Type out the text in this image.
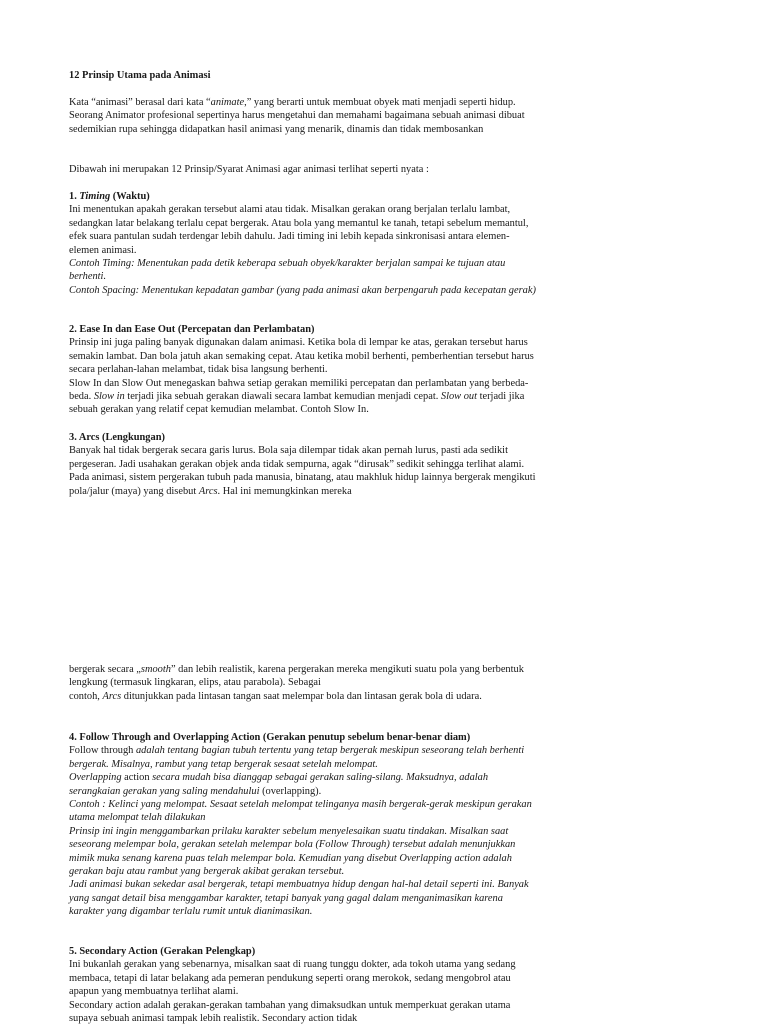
12 Prinsip Utama pada Animasi

Kata “animasi” berasal dari kata “animate,” yang berarti untuk membuat obyek mati menjadi seperti hidup. Seorang Animator profesional sepertinya harus mengetahui dan memahami bagaimana sebuah animasi dibuat sedemikian rupa sehingga didapatkan hasil animasi yang menarik, dinamis dan tidak membosankan

Dibawah ini merupakan 12 Prinsip/Syarat Animasi agar animasi terlihat seperti nyata :

1. Timing (Waktu)

Ini menentukan apakah gerakan tersebut alami atau tidak. Misalkan gerakan orang berjalan terlalu lambat, sedangkan latar belakang terlalu cepat bergerak. Atau bola yang memantul ke tanah, tetapi sebelum memantul, efek suara pantulan sudah terdengar lebih dahulu. Jadi timing ini lebih kepada sinkronisasi antara elemen-elemen animasi.

Contoh Timing: Menentukan pada detik keberapa sebuah obyek/karakter berjalan sampai ke tujuan atau berhenti.

Contoh Spacing: Menentukan kepadatan gambar (yang pada animasi akan berpengaruh pada kecepatan gerak)

2. Ease In dan Ease Out (Percepatan dan Perlambatan)

Prinsip ini juga paling banyak digunakan dalam animasi. Ketika bola di lempar ke atas, gerakan tersebut harus semakin lambat. Dan bola jatuh akan semaking cepat. Atau ketika mobil berhenti, pemberhentian tersebut harus secara perlahan-lahan melambat, tidak bisa langsung berhenti.

Slow In dan Slow Out menegaskan bahwa setiap gerakan memiliki percepatan dan perlambatan yang berbeda-beda. Slow in terjadi jika sebuah gerakan diawali secara lambat kemudian menjadi cepat. Slow out terjadi jika sebuah gerakan yang relatif cepat kemudian melambat. Contoh Slow In.

3. Arcs (Lengkungan)

Banyak hal tidak bergerak secara garis lurus. Bola saja dilempar tidak akan pernah lurus, pasti ada sedikit pergeseran. Jadi usahakan gerakan objek anda tidak sempurna, agak “dirusak” sedikit sehingga terlihat alami.

Pada animasi, sistem pergerakan tubuh pada manusia, binatang, atau makhluk hidup lainnya bergerak mengikuti pola/jalur (maya) yang disebut Arcs. Hal ini memungkinkan mereka

bergerak secara „smooth” dan lebih realistik, karena pergerakan mereka mengikuti suatu pola yang berbentuk lengkung (termasuk lingkaran, elips, atau parabola). Sebagai

contoh, Arcs ditunjukkan pada lintasan tangan saat melempar bola dan lintasan gerak bola di udara.

4. Follow Through and Overlapping Action (Gerakan penutup sebelum benar-benar diam)

Follow through adalah tentang bagian tubuh tertentu yang tetap bergerak meskipun seseorang telah berhenti bergerak. Misalnya, rambut yang tetap bergerak sesaat setelah melompat.

Overlapping action secara mudah bisa dianggap sebagai gerakan saling-silang. Maksudnya, adalah serangkaian gerakan yang saling mendahului (overlapping).

Contoh : Kelinci yang melompat. Sesaat setelah melompat telinganya masih bergerak-gerak meskipun gerakan utama melompat telah dilakukan

Prinsip ini ingin menggambarkan prilaku karakter sebelum menyelesaikan suatu tindakan. Misalkan saat seseorang melempar bola, gerakan setelah melempar bola (Follow Through) tersebut adalah menunjukkan mimik muka senang karena puas telah melempar bola. Kemudian yang disebut Overlapping action adalah gerakan baju atau rambut yang bergerak akibat gerakan tersebut.

Jadi animasi bukan sekedar asal bergerak, tetapi membuatnya hidup dengan hal-hal detail seperti ini. Banyak yang sangat detail bisa menggambar karakter, tetapi banyak yang gagal dalam menganimasikan karena karakter yang digambar terlalu rumit untuk dianimasikan.

5. Secondary Action (Gerakan Pelengkap)

Ini bukanlah gerakan yang sebenarnya, misalkan saat di ruang tunggu dokter, ada tokoh utama yang sedang membaca, tetapi di latar belakang ada pemeran pendukung seperti orang merokok, sedang mengobrol atau apapun yang membuatnya terlihat alami.

Secondary action adalah gerakan-gerakan tambahan yang dimaksudkan untuk memperkuat gerakan utama supaya sebuah animasi tampak lebih realistik. Secondary action tidak
